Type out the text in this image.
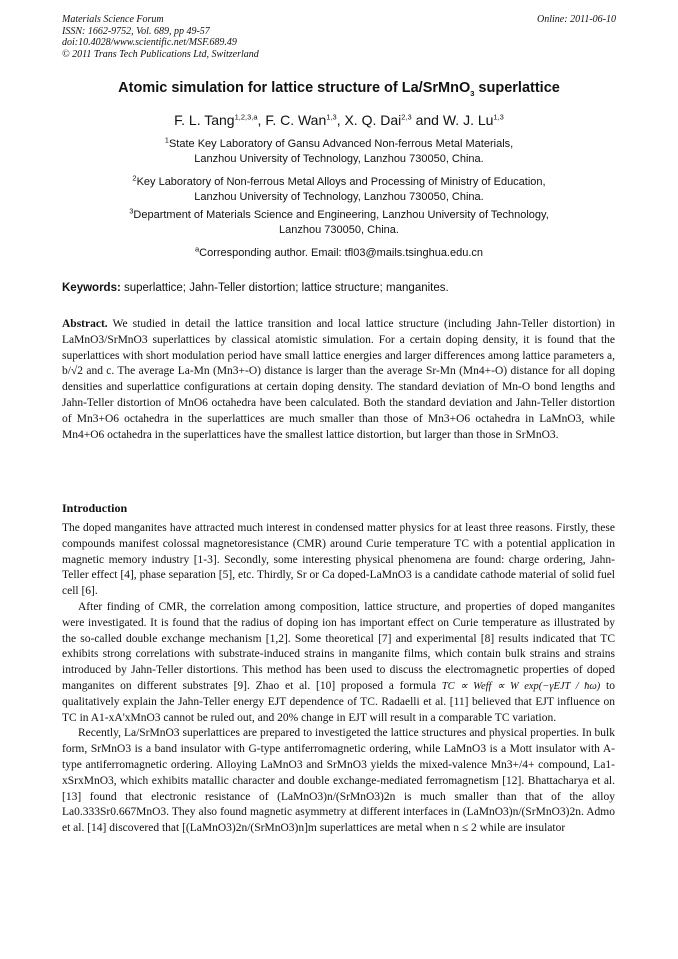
Materials Science Forum
ISSN: 1662-9752, Vol. 689, pp 49-57
doi:10.4028/www.scientific.net/MSF.689.49
© 2011 Trans Tech Publications Ltd, Switzerland
Online: 2011-06-10
Atomic simulation for lattice structure of La/SrMnO$_3$ superlattice
F. L. Tang$^{1,2,3,a}$, F. C. Wan$^{1,3}$, X. Q. Dai$^{2,3}$ and W. J. Lu$^{1,3}$
$^1$State Key Laboratory of Gansu Advanced Non-ferrous Metal Materials,
Lanzhou University of Technology, Lanzhou 730050, China.
$^2$Key Laboratory of Non-ferrous Metal Alloys and Processing of Ministry of Education,
Lanzhou University of Technology, Lanzhou 730050, China.
$^3$Department of Materials Science and Engineering, Lanzhou University of Technology,
Lanzhou 730050, China.
$^a$Corresponding author. Email: tfl03@mails.tsinghua.edu.cn
Keywords: superlattice; Jahn-Teller distortion; lattice structure; manganites.
Abstract. We studied in detail the lattice transition and local lattice structure (including Jahn-Teller distortion) in LaMnO3/SrMnO3 superlattices by classical atomistic simulation. For a certain doping density, it is found that the superlattices with short modulation period have small lattice energies and larger differences among lattice parameters a, b/√2 and c. The average La-Mn (Mn3+-O) distance is larger than the average Sr-Mn (Mn4+-O) distance for all doping densities and superlattice configurations at certain doping density. The standard deviation of Mn-O bond lengths and Jahn-Teller distortion of MnO6 octahedra have been calculated. Both the standard deviation and Jahn-Teller distortion of Mn3+O6 octahedra in the superlattices are much smaller than those of Mn3+O6 octahedra in LaMnO3, while Mn4+O6 octahedra in the superlattices have the smallest lattice distortion, but larger than those in SrMnO3.
Introduction
The doped manganites have attracted much interest in condensed matter physics for at least three reasons. Firstly, these compounds manifest colossal magnetoresistance (CMR) around Curie temperature TC with a potential application in magnetic memory industry [1-3]. Secondly, some interesting physical phenomena are found: charge ordering, Jahn-Teller effect [4], phase separation [5], etc. Thirdly, Sr or Ca doped-LaMnO3 is a candidate cathode material of solid fuel cell [6].
After finding of CMR, the correlation among composition, lattice structure, and properties of doped manganites were investigated. It is found that the radius of doping ion has important effect on Curie temperature as illustrated by the so-called double exchange mechanism [1,2]. Some theoretical [7] and experimental [8] results indicated that TC exhibits strong correlations with substrate-induced strains in manganite films, which contain bulk strains and strains introduced by Jahn-Teller distortions. This method has been used to discuss the electromagnetic properties of doped manganites on different substrates [9]. Zhao et al. [10] proposed a formula TC ∝ Weff ∝ W exp(−γEJT / ħω) to qualitatively explain the Jahn-Teller energy EJT dependence of TC. Radaelli et al. [11] believed that EJT influence on TC in A1-xA'xMnO3 cannot be ruled out, and 20% change in EJT will result in a comparable TC variation.
Recently, La/SrMnO3 superlattices are prepared to investigeted the lattice structures and physical properties. In bulk form, SrMnO3 is a band insulator with G-type antiferromagnetic ordering, while LaMnO3 is a Mott insulator with A-type antiferromagnetic ordering. Alloying LaMnO3 and SrMnO3 yields the mixed-valence Mn3+/4+ compound, La1-xSrxMnO3, which exhibits matallic character and double exchange-mediated ferromagnetism [12]. Bhattacharya et al. [13] found that electronic resistance of (LaMnO3)n/(SrMnO3)2n is much smaller than that of the alloy La0.333Sr0.667MnO3. They also found magnetic asymmetry at different interfaces in (LaMnO3)n/(SrMnO3)2n. Admo et al. [14] discovered that [(LaMnO3)2n/(SrMnO3)n]m superlattices are metal when n ≤ 2 while are insulator
